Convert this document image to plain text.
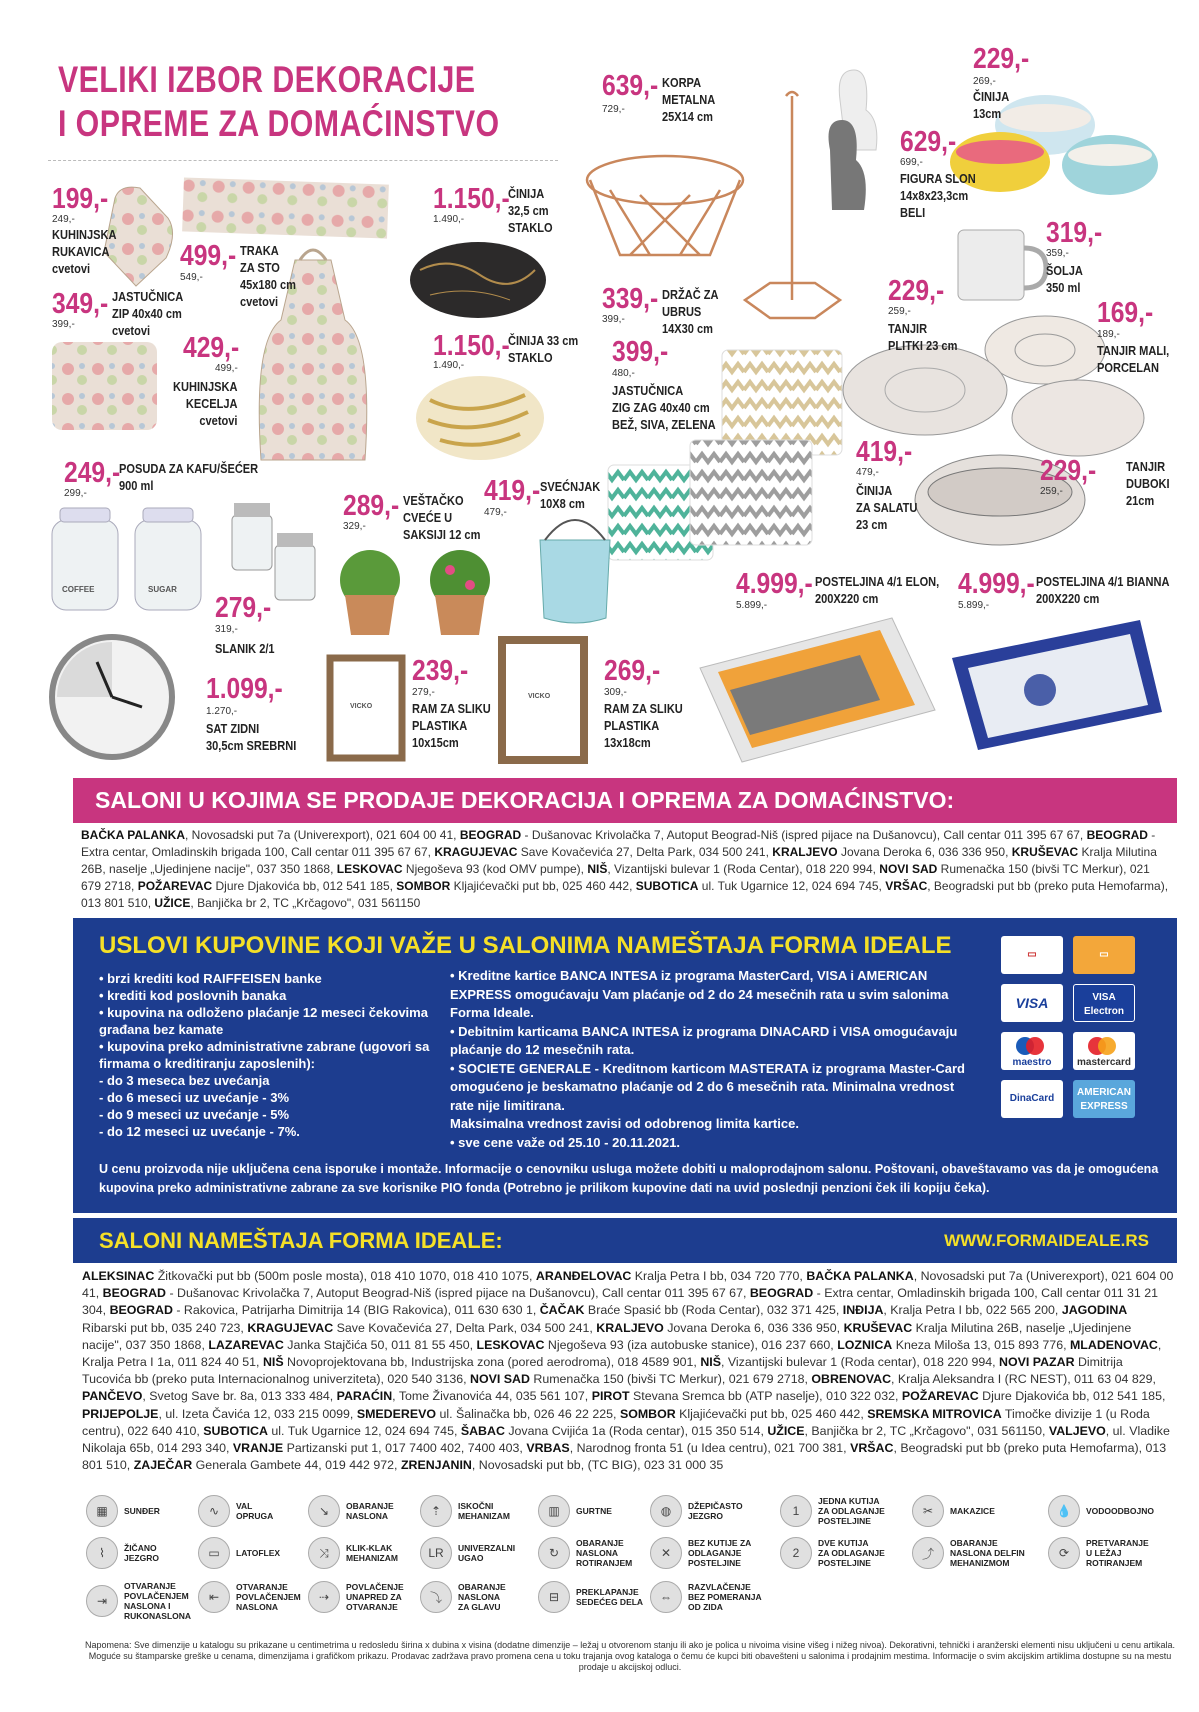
VELIKI IZBOR DEKORACIJE
I OPREME ZA DOMAĆINSTVO
COFFEE	SUGAR
VICKO
VICKO
199,-
249,-
KUHINJSKA
RUKAVICA
cvetovi	499,-
549,-
TRAKA
ZA STO
45x180 cm
cvetovi
349,-
399,-
JASTUČNICA
ZIP 40x40 cm
cvetovi
429,-
499,-
KUHINJSKA
KECELJA
cvetovi
1.150,-
1.490,-
ČINIJA
32,5 cm
STAKLO
1.150,-
1.490,-
ČINIJA 33 cm
STAKLO
639,-
729,-
KORPA
METALNA
25X14 cm
339,-
399,-
DRŽAČ ZA
UBRUS
14X30 cm
399,-
480,-
JASTUČNICA
ZIG ZAG 40x40 cm
BEŽ, SIVA, ZELENA
229,-
269,-
ČINIJA
13cm
629,-
699,-
FIGURA SLON
14x8x23,3cm
BELI
319,-
359,-
ŠOLJA
350 ml
229,-
259,-
TANJIR
PLITKI 23 cm
169,-
189,-
TANJIR MALI,
PORCELAN
419,-
479,-
ČINIJA
ZA SALATU
23 cm
229,-
259,-
TANJIR
DUBOKI
21cm
249,-
299,-
POSUDA ZA KAFU/ŠEĆER
900 ml
289,-
329,-
VEŠTAČKO
CVEĆE U
SAKSIJI 12 cm
419,-
479,-
SVEĆNJAK
10X8 cm
279,-
319,-
SLANIK 2/1
1.099,-
1.270,-
SAT ZIDNI
30,5cm SREBRNI
239,-
279,-
RAM ZA SLIKU
PLASTIKA
10x15cm
269,-
309,-
RAM ZA SLIKU
PLASTIKA
13x18cm
4.999,-
5.899,-
POSTELJINA 4/1 ELON,
200X220 cm	4.999,-
5.899,-
POSTELJINA 4/1 BIANNA
200X220 cm
SALONI U KOJIMA SE PRODAJE DEKORACIJA I OPREMA ZA DOMAĆINSTVO:
BAČKA PALANKA, Novosadski put 7a (Univerexport), 021 604 00 41, BEOGRAD - Dušanovac Krivolačka 7, Autoput Beograd-Niš (ispred pijace na Dušanovcu), Call centar 011 395 67 67, BEOGRAD - Extra centar, Omladinskih brigada 100, Call centar 011 395 67 67, KRAGUJEVAC Save Kovačevića 27, Delta Park, 034 500 241, KRALJEVO Jovana Deroka 6, 036 336 950, KRUŠEVAC Kralja Milutina 26B, naselje „Ujedinjene nacije", 037 350 1868, LESKOVAC Njegoševa 93 (kod OMV pumpe), NIŠ, Vizantijski bulevar 1 (Roda Centar), 018 220 994, NOVI SAD Rumenačka 150 (bivši TC Merkur), 021 679 2718, POŽAREVAC Djure Djakovića bb, 012 541 185, SOMBOR Kljajićevački put bb, 025 460 442, SUBOTICA ul. Tuk Ugarnice 12, 024 694 745, VRŠAC, Beogradski put bb (preko puta Hemofarma), 013 801 510, UŽICE, Banjička br 2, TC „Krčagovo", 031 561150
USLOVI KUPOVINE KOJI VAŽE U SALONIMA NAMEŠTAJA FORMA IDEALE
• brzi krediti kod RAIFFEISEN banke
• krediti kod poslovnih banaka
• kupovina na odloženo plaćanje 12 meseci čekovima građana bez kamate
• kupovina preko administrativne zabrane (ugovori sa firmama o kreditiranju zaposlenih):
- do 3 meseca bez uvećanja
- do 6 meseci uz uvećanje - 3%
- do 9 meseci uz uvećanje - 5%
- do 12 meseci uz uvećanje - 7%.
• Kreditne kartice BANCA INTESA iz programa MasterCard, VISA i AMERICAN EXPRESS omogućavaju Vam plaćanje od 2 do 24 mesečnih rata u svim salonima Forma Ideale.
• Debitnim karticama BANCA INTESA iz programa DINACARD i VISA omogućavaju plaćanje do 12 mesečnih rata.
• SOCIETE GENERALE - Kreditnom karticom MASTERATA iz programa Master-Card omogućeno je beskamatno plaćanje od 2 do 6 mesečnih rata. Minimalna vrednost rate nije limitirana.
Maksimalna vrednost zavisi od odobrenog limita kartice.
• sve cene važe od 25.10 - 20.11.2021.
▭	▭
VISA	VISA Electron
maestro	mastercard
DinaCard
AMERICAN EXPRESS
U cenu proizvoda nije uključena cena isporuke i montaže. Informacije o cenovniku usluga možete dobiti u maloprodajnom salonu. Poštovani, obaveštavamo vas da je omogućena kupovina preko administrativne zabrane za sve korisnike PIO fonda (Potrebno je prilikom kupovine dati na uvid poslednji penzioni ček ili kopiju čeka).
SALONI NAMEŠTAJA FORMA IDEALE:	WWW.FORMAIDEALE.RS
ALEKSINAC Žitkovački put bb (500m posle mosta), 018 410 1070, 018 410 1075, ARANĐELOVAC Kralja Petra I bb, 034 720 770, BAČKA PALANKA, Novosadski put 7a (Univerexport), 021 604 00 41, BEOGRAD - Dušanovac Krivolačka 7, Autoput Beograd-Niš (ispred pijace na Dušanovcu), Call centar 011 395 67 67, BEOGRAD - Extra centar, Omladinskih brigada 100, Call centar 011 31 21 304, BEOGRAD - Rakovica, Patrijarha Dimitrija 14 (BIG Rakovica), 011 630 630 1, ČAČAK Braće Spasić bb (Roda Centar), 032 371 425, INĐIJA, Kralja Petra I bb, 022 565 200, JAGODINA Ribarski put bb, 035 240 723, KRAGUJEVAC Save Kovačevića 27, Delta Park, 034 500 241, KRALJEVO Jovana Deroka 6, 036 336 950, KRUŠEVAC Kralja Milutina 26B, naselje „Ujedinjene nacije", 037 350 1868, LAZAREVAC Janka Stajčića 50, 011 81 55 450, LESKOVAC Njegoševa 93 (iza autobuske stanice), 016 237 660, LOZNICA Kneza Miloša 13, 015 893 776, MLADENOVAC, Kralja Petra I 1a, 011 824 40 51, NIŠ Novoprojektovana bb, Industrijska zona (pored aerodroma), 018 4589 901, NIŠ, Vizantijski bulevar 1 (Roda centar), 018 220 994, NOVI PAZAR Dimitrija Tucovića bb (preko puta Internacionalnog univerziteta), 020 540 3136, NOVI SAD Rumenačka 150 (bivši TC Merkur), 021 679 2718, OBRENOVAC, Kralja Aleksandra I (RC NEST), 011 63 04 829, PANČEVO, Svetog Save br. 8a, 013 333 484, PARAĆIN, Tome Živanovića 44, 035 561 107, PIROT Stevana Sremca bb (ATP naselje), 010 322 032, POŽAREVAC Djure Djakovića bb, 012 541 185, PRIJEPOLJE, ul. Izeta Čavića 12, 033 215 0099, SMEDEREVO ul. Šalinačka bb, 026 46 22 225, SOMBOR Kljajićevački put bb, 025 460 442, SREMSKA MITROVICA Timočke divizije 1 (u Roda centru), 022 640 410, SUBOTICA ul. Tuk Ugarnice 12, 024 694 745, ŠABAC Jovana Cvijića 1a (Roda centar), 015 350 514, UŽICE, Banjička br 2, TC „Krčagovo", 031 561150, VALJEVO, ul. Vladike Nikolaja 65b, 014 293 340, VRANJE Partizanski put 1, 017 7400 402, 7400 403, VRBAS, Narodnog fronta 51 (u Idea centru), 021 700 381, VRŠAC, Beogradski put bb (preko puta Hemofarma), 013 801 510, ZAJEČAR Generala Gambete 44, 019 442 972, ZRENJANIN, Novosadski put bb, (TC BIG), 023 31 000 35
▦	SUNĐER	∿	VAL
OPRUGA	↘	OBARANJE
NASLONA	⇡	ISKOČNI
MEHANIZAM	▥	GURTNE	◍	DŽEPIČASTO
JEZGRO	1
JEDNA KUTIJA
ZA ODLAGANJE
POSTELJINE
✂	MAKAZICE	💧	VODOODBOJNO
⌇	ŽIČANO
JEZGRO	▭	LATOFLEX	⤨	KLIK-KLAK
MEHANIZAM	LR	UNIVERZALNI
UGAO	↻
OBARANJE
NASLONA
ROTIRANJEM
✕
BEZ KUTIJE ZA
ODLAGANJE
POSTELJINE
2
DVE KUTIJA
ZA ODLAGANJE
POSTELJINE
⤴
OBARANJE
NASLONA DELFIN
MEHANIZMOM
⟳
PRETVARANJE
U LEŽAJ
ROTIRANJEM
⇥
OTVARANJE
POVLAČENJEM
NASLONA I
RUKONASLONA
⇤
OTVARANJE
POVLAČENJEM
NASLONA
⇢
POVLAČENJE
UNAPRED ZA
OTVARANJE
⤵
OBARANJE
NASLONA
ZA GLAVU
⊟	PREKLAPANJE
SEDEĆEG DELA	⇔
RAZVLAČENJE
BEZ POMERANJA
OD ZIDA
Napomena: Sve dimenzije u katalogu su prikazane u centimetrima u redosledu širina x dubina x visina (dodatne dimenzije – ležaj u otvorenom stanju ili ako je polica u nivoima visine višeg i nižeg nivoa). Dekorativni, tehnički i aranžerski elementi nisu uključeni u cenu artikala. Moguće su štamparske greške u cenama, dimenzijama i grafičkom prikazu. Prodavac zadržava pravo promena cena u toku trajanja ovog kataloga o čemu će kupci biti obavešteni u salonima i prodajnim mestima. Informacije o svim akcijskim artiklima dostupne su na mestu prodaje u akcijskoj odluci.
